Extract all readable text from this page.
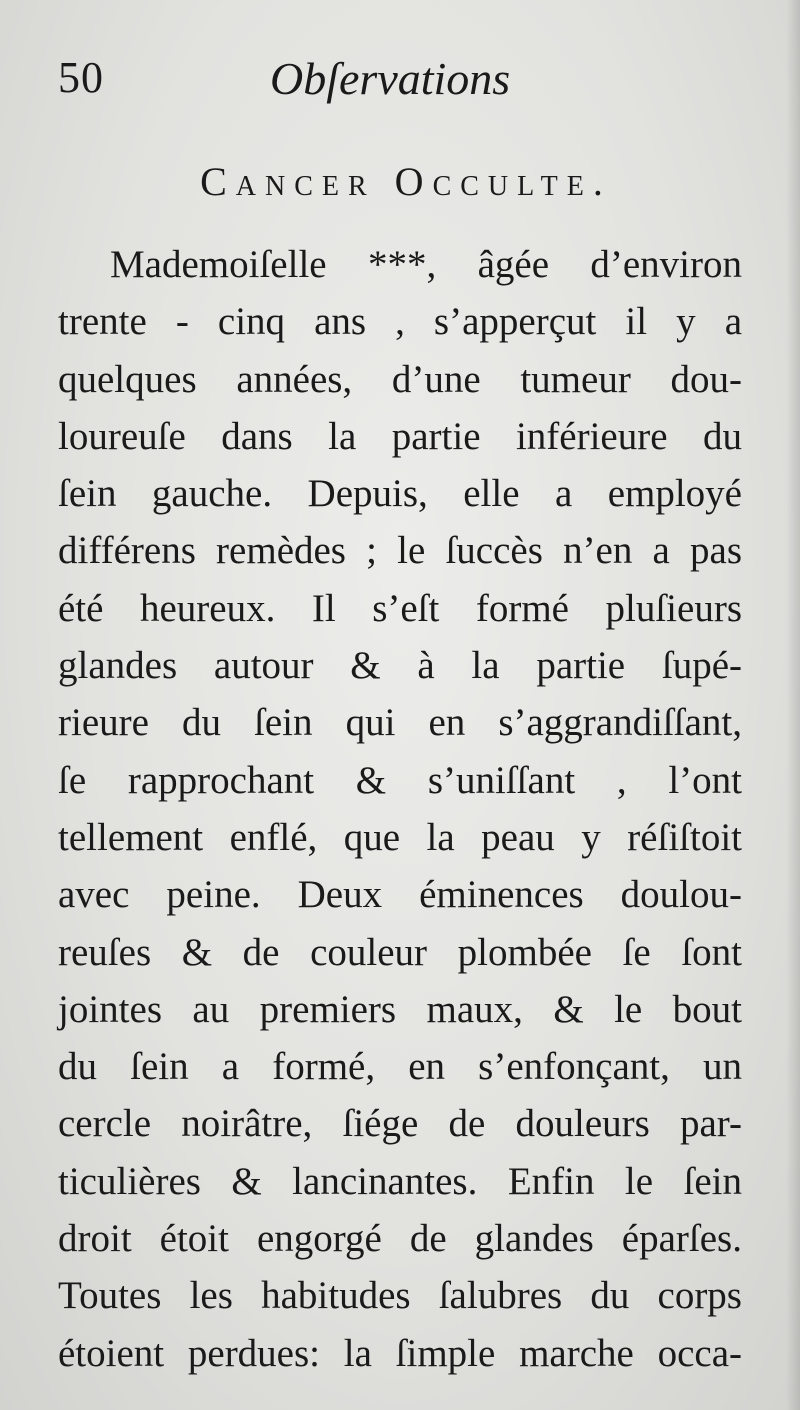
50	Obſervations
Cancer Occulte.
Mademoiſelle ***, âgée d’environ
trente - cinq ans , s’apperçut il y a
quelques années, d’une tumeur dou-
loureuſe dans la partie inférieure du
ſein gauche. Depuis, elle a employé
différens remèdes ; le ſuccès n’en a pas
été heureux. Il s’eſt formé pluſieurs
glandes autour & à la partie ſupé-
rieure du ſein qui en s’aggrandiſſant,
ſe rapprochant & s’uniſſant , l’ont
tellement enflé, que la peau y réſiſtoit
avec peine. Deux éminences doulou-
reuſes & de couleur plombée ſe ſont
jointes au premiers maux, & le bout
du ſein a formé, en s’enfonçant, un
cercle noirâtre, ſiége de douleurs par-
ticulières & lancinantes. Enfin le ſein
droit étoit engorgé de glandes éparſes.
Toutes les habitudes ſalubres du corps
étoient perdues: la ſimple marche occa-
